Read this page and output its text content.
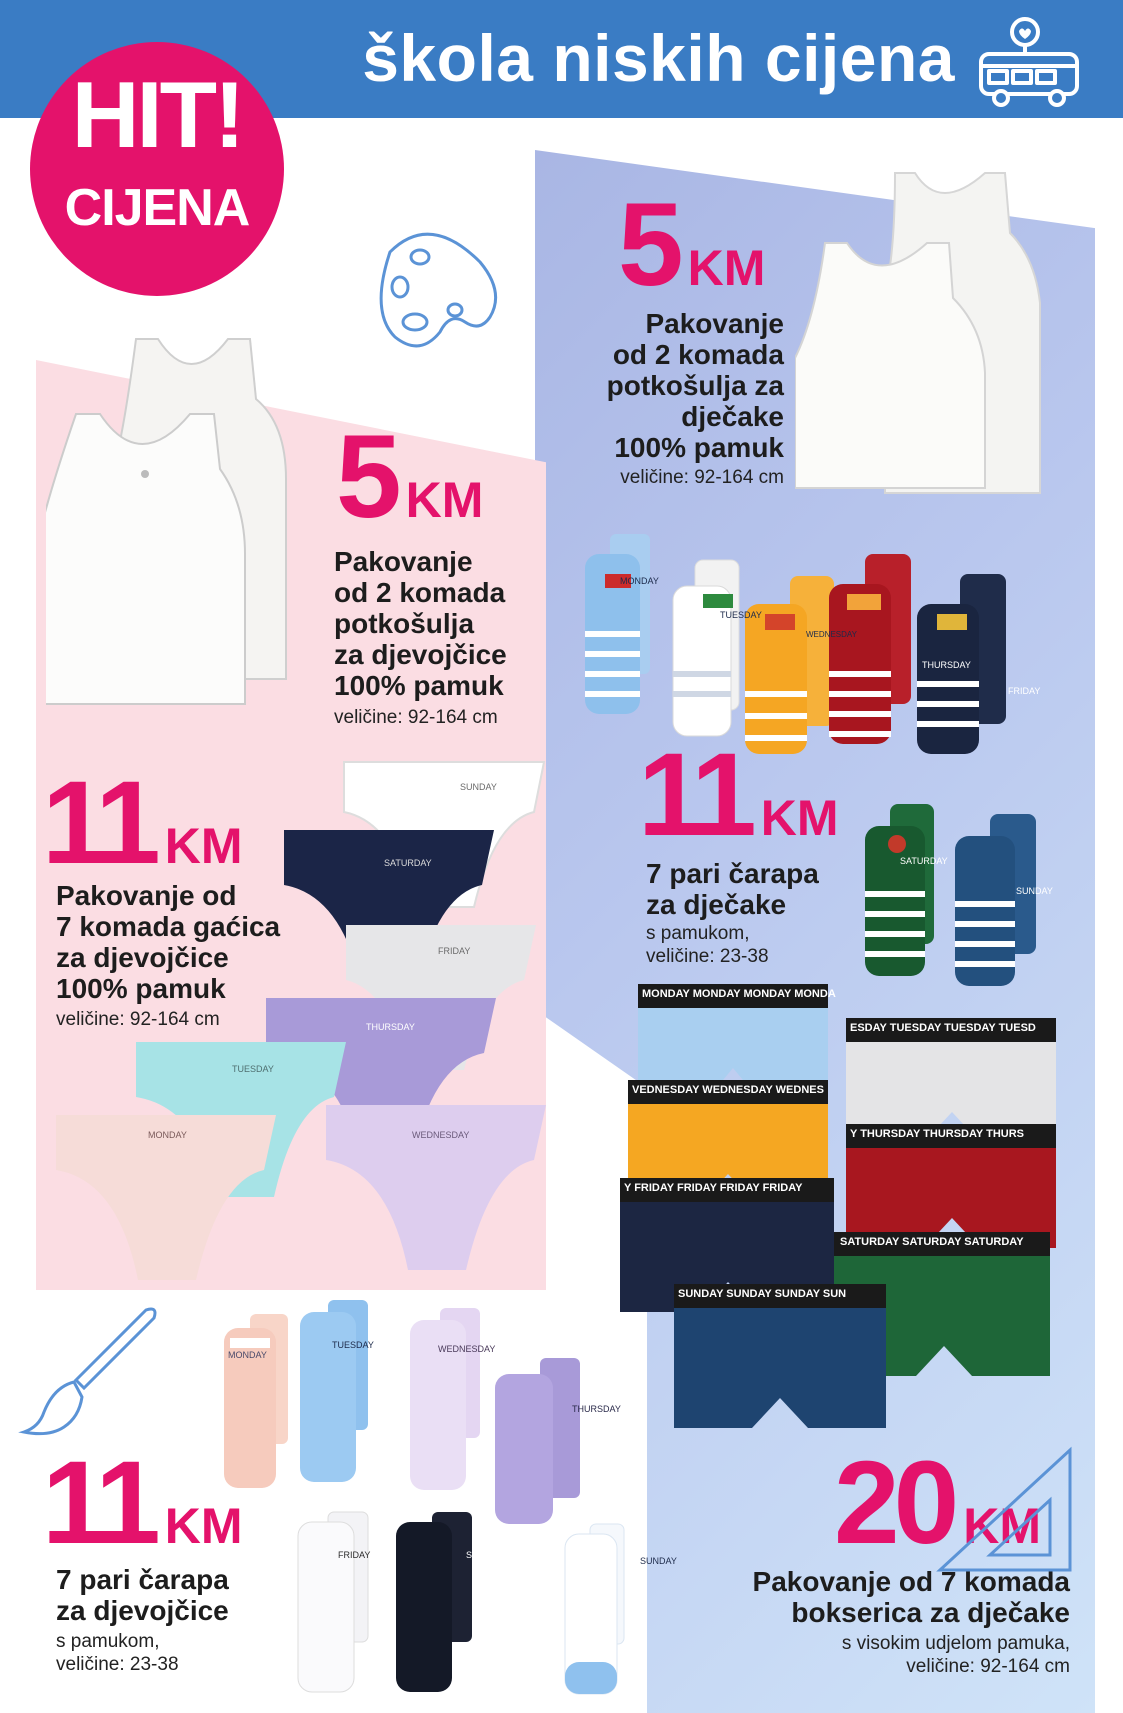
škola niskih cijena
HIT!
CIJENA	5 KM
Pakovanje
od 2 komada
potkošulja za
dječake
100% pamuk
veličine: 92-164 cm
5 KM
Pakovanje
od 2 komada
potkošulja
za djevojčice
100% pamuk
veličine: 92-164 cm
11 KM
7 pari čarapa
za dječake
s pamukom,
veličine: 23-38
11 KM
Pakovanje od
7 komada gaćica
za djevojčice
100% pamuk
veličine: 92-164 cm
20 KM
Pakovanje od 7 komada
bokserica za dječake
s visokim udjelom pamuka,
veličine: 92-164 cm
11 KM
7 pari čarapa
za djevojčice
s pamukom,
veličine: 23-38
SUNDAY
SATURDAY
FRIDAY
THURSDAY
TUESDAY
MONDAY	WEDNESDAY
MONDAY
TUESDAY
WEDNESDAY
THURSDAY
FRIDAY
SATURDAY
SUNDAY
MONDAY MONDAY MONDAY MONDA
ESDAY TUESDAY TUESDAY TUESD
VEDNESDAY WEDNESDAY WEDNES
Y THURSDAY THURSDAY THURS
Y FRIDAY FRIDAY FRIDAY FRIDAY
SATURDAY SATURDAY SATURDAY
SUNDAY SUNDAY SUNDAY SUN
MONDAY
TUESDAY	WEDNESDAY
THURSDAY
FRIDAY	SATURDAY
SUNDAY
